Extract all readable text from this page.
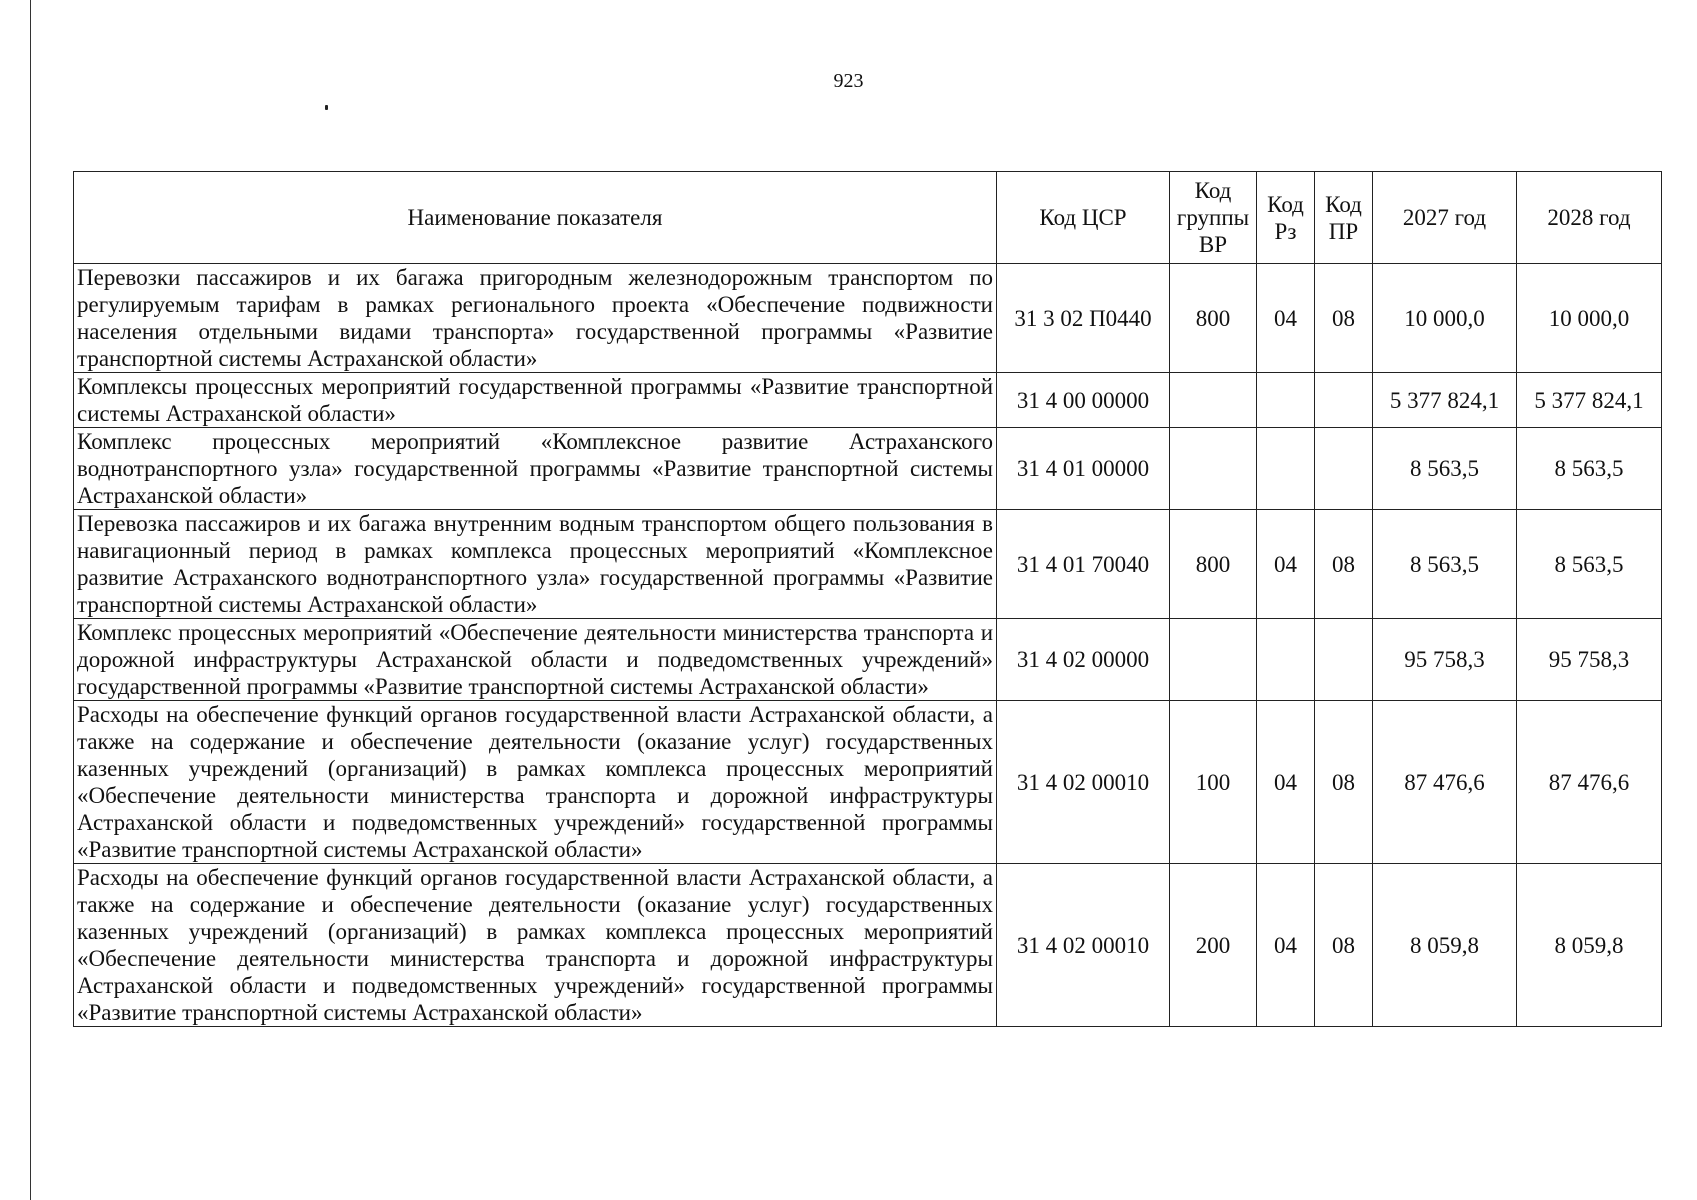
923
Наименование показателя	Код ЦСР	Код группы ВР	Код Рз	Код ПР	2027 год	2028 год
Перевозки пассажиров и их багажа пригородным железнодорожным транспортом по регулируемым тарифам в рамках регионального проекта «Обеспечение подвижности населения отдельными видами транспорта» государственной программы «Развитие транспортной системы Астраханской области»	31 3 02 П0440	800	04	08	10 000,0	10 000,0
Комплексы процессных мероприятий государственной программы «Развитие транспортной системы Астраханской области»	31 4 00 00000				5 377 824,1	5 377 824,1
Комплекс процессных мероприятий «Комплексное развитие Астраханского воднотранспортного узла» государственной программы «Развитие транспортной системы Астраханской области»	31 4 01 00000				8 563,5	8 563,5
Перевозка пассажиров и их багажа внутренним водным транспортом общего пользования в навигационный период в рамках комплекса процессных мероприятий «Комплексное развитие Астраханского воднотранспортного узла» государственной программы «Развитие транспортной системы Астраханской области»	31 4 01 70040	800	04	08	8 563,5	8 563,5
Комплекс процессных мероприятий «Обеспечение деятельности министерства транспорта и дорожной инфраструктуры Астраханской области и подведомственных учреждений» государственной программы «Развитие транспортной системы Астраханской области»	31 4 02 00000				95 758,3	95 758,3
Расходы на обеспечение функций органов государственной власти Астраханской области, а также на содержание и обеспечение деятельности (оказание услуг) государственных казенных учреждений (организаций) в рамках комплекса процессных мероприятий «Обеспечение деятельности министерства транспорта и дорожной инфраструктуры Астраханской области и подведомственных учреждений» государственной программы «Развитие транспортной системы Астраханской области»	31 4 02 00010	100	04	08	87 476,6	87 476,6
Расходы на обеспечение функций органов государственной власти Астраханской области, а также на содержание и обеспечение деятельности (оказание услуг) государственных казенных учреждений (организаций) в рамках комплекса процессных мероприятий «Обеспечение деятельности министерства транспорта и дорожной инфраструктуры Астраханской области и подведомственных учреждений» государственной программы «Развитие транспортной системы Астраханской области»	31 4 02 00010	200	04	08	8 059,8	8 059,8
